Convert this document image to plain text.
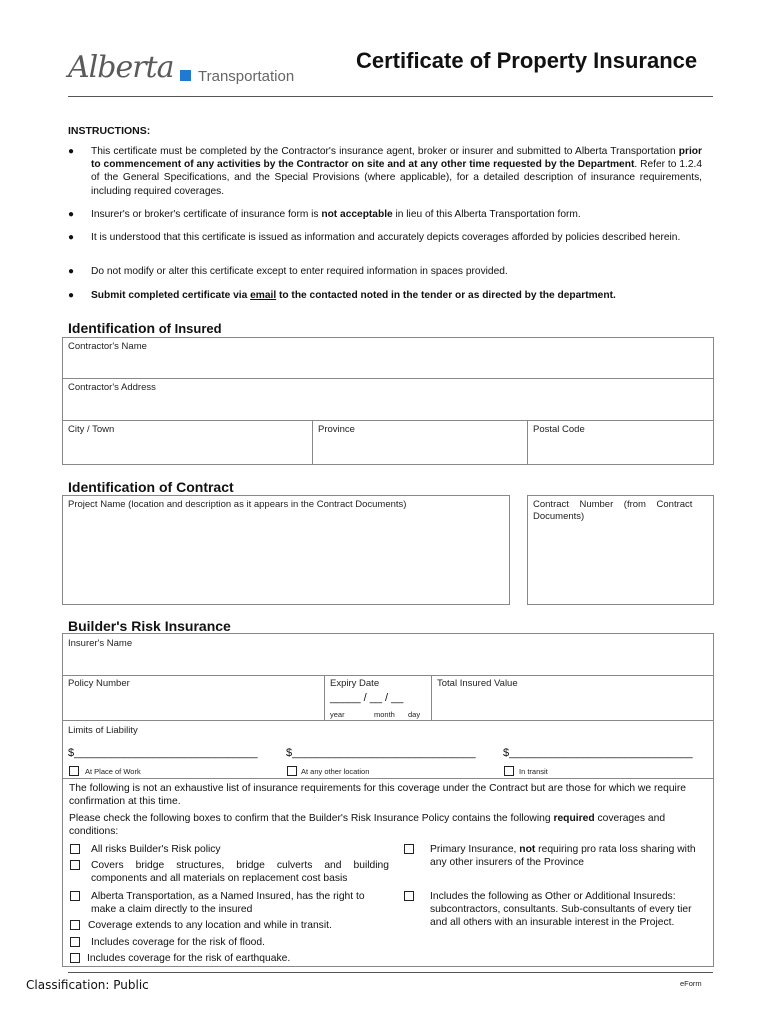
Alberta Transportation
Certificate of Property Insurance
INSTRUCTIONS:
●	This certificate must be completed by the Contractor's insurance agent, broker or insurer and submitted to Alberta Transportation prior to commencement of any activities by the Contractor on site and at any other time requested by the Department. Refer to 1.2.4 of the General Specifications, and the Special Provisions (where applicable), for a detailed description of insurance requirements, including required coverages.
●	Insurer's or broker's certificate of insurance form is not acceptable in lieu of this Alberta Transportation form.
●	It is understood that this certificate is issued as information and accurately depicts coverages afforded by policies described herein.
●	Do not modify or alter this certificate except to enter required information in spaces provided.
●	Submit completed certificate via email to the contacted noted in the tender or as directed by the department.
Identification of Insured
Contractor's Name
Contractor's Address
City / Town	Province	Postal Code
Identification of Contract
Project Name (location and description as it appears in the Contract Documents)	Contract    Number    (from    Contract
Documents)
Builder's Risk Insurance
Insurer's Name
Policy Number	Expiry Date
_____ / __ / __
year	month day
Total Insured Value
Limits of Liability
$______________________________	$______________________________ $______________________________
At Place of Work	At any other location	In transit
The following is not an exhaustive list of insurance requirements for this coverage under the Contract but are those for which we require confirmation at this time.
Please check the following boxes to confirm that the Builder's Risk Insurance Policy contains the following required coverages and conditions:
All risks Builder's Risk policy
Covers bridge structures, bridge culverts and building components and all materials on replacement cost basis
Alberta Transportation, as a Named Insured, has the right to make a claim directly to the insured
Coverage extends to any location and while in transit.
Includes coverage for the risk of flood.
Includes coverage for the risk of earthquake.
Primary Insurance, not requiring pro rata loss sharing with any other insurers of the Province
Includes the following as Other or Additional Insureds: subcontractors, consultants. Sub-consultants of every tier and all others with an insurable interest in the Project.
Classification: Public	eForm
